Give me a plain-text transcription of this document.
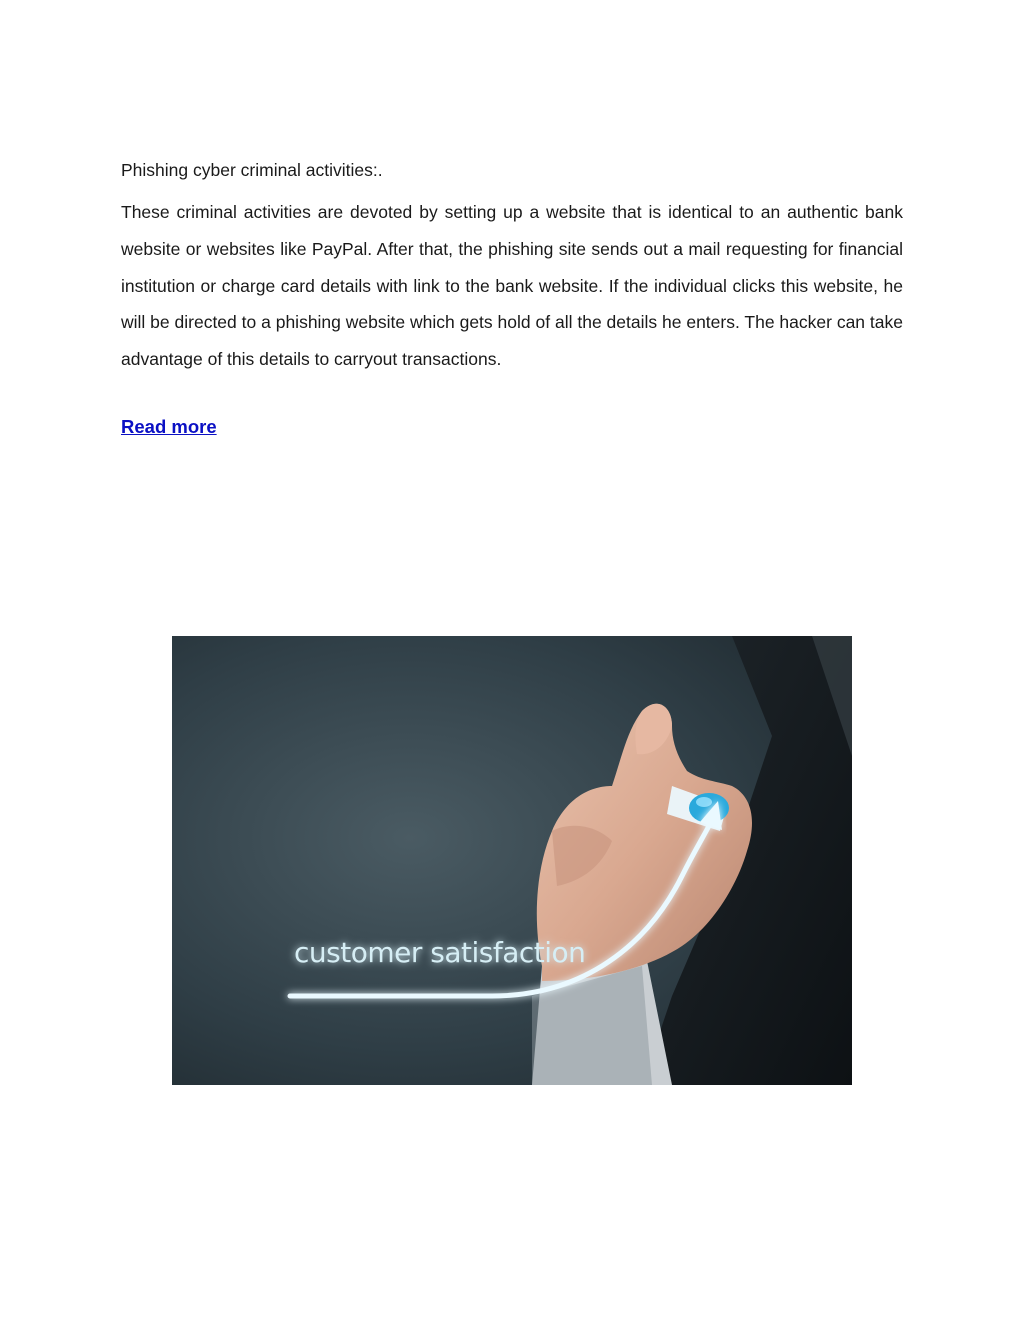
Phishing cyber criminal activities:.

These criminal activities are devoted by setting up a website that is identical to an authentic bank website or websites like PayPal. After that, the phishing site sends out a mail requesting for financial institution or charge card details with link to the bank website. If the individual clicks this website, he will be directed to a phishing website which gets hold of all the details he enters. The hacker can take advantage of this details to carryout transactions.

Read more
customer satisfaction
